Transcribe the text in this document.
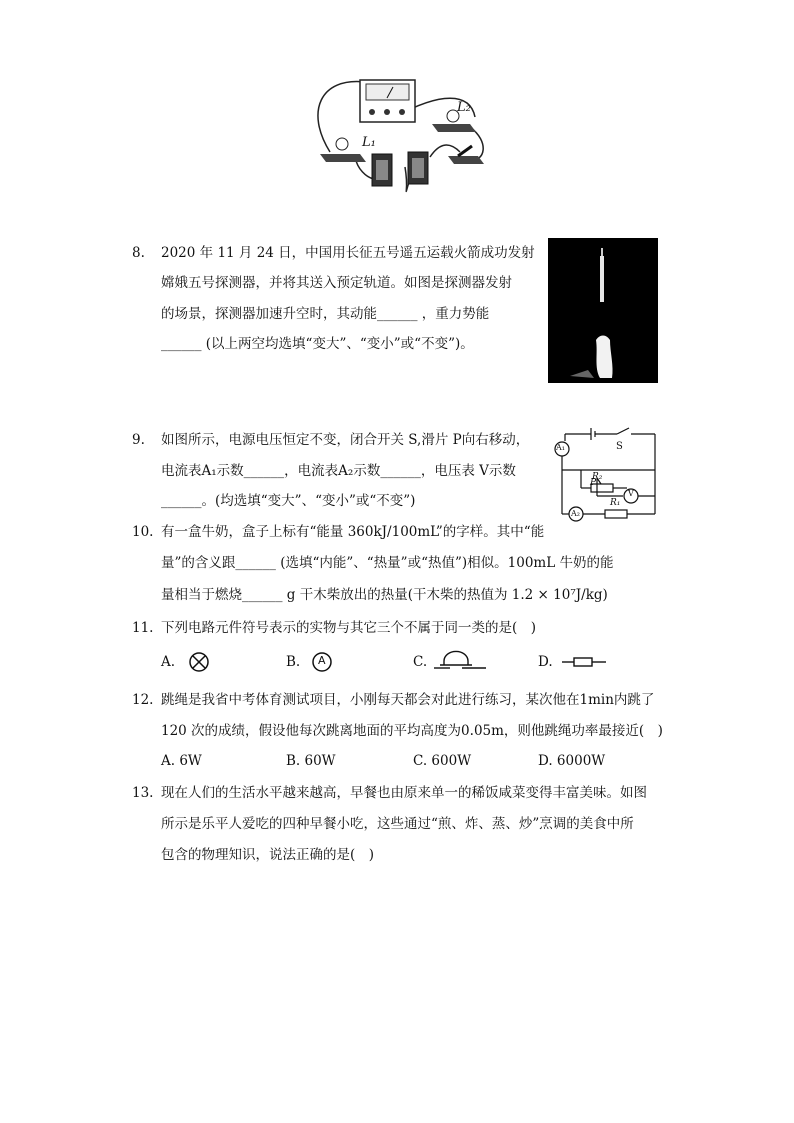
L₂
L₁
8. 2020 年 11 月 24 日，中国用长征五号遥五运载火箭成功发射
嫦娥五号探测器，并将其送入预定轨道。如图是探测器发射
的场景，探测器加速升空时，其动能______ ，重力势能
______ (以上两空均选填“变大”、“变小”或“不变”)。
9. 如图所示，电源电压恒定不变，闭合开关 S,滑片 P向右移动，
电流表A₁示数______，电流表A₂示数______，电压表 V示数
______。(均选填“变大”、“变小”或“不变”)
A₁	S
R₂
P
V
A₂
R₁
10. 有一盒牛奶，盒子上标有“能量 360kJ/100mL”的字样。其中“能
量”的含义跟______ (选填“内能”、“热量”或“热值”)相似。100mL 牛奶的能
量相当于燃烧______ g 干木柴放出的热量(干木柴的热值为 1.2 × 10⁷J/kg)
11. 下列电路元件符号表示的实物与其它三个不属于同一类的是(　)
A.	B. A	C.	D.
12. 跳绳是我省中考体育测试项目，小刚每天都会对此进行练习，某次他在1min内跳了
120 次的成绩，假设他每次跳离地面的平均高度为0.05m，则他跳绳功率最接近(　)
A. 6W	B. 60W	C. 600W	D. 6000W
13. 现在人们的生活水平越来越高，早餐也由原来单一的稀饭咸菜变得丰富美味。如图
所示是乐平人爱吃的四种早餐小吃，这些通过“煎、炸、蒸、炒”烹调的美食中所
包含的物理知识，说法正确的是(　)
